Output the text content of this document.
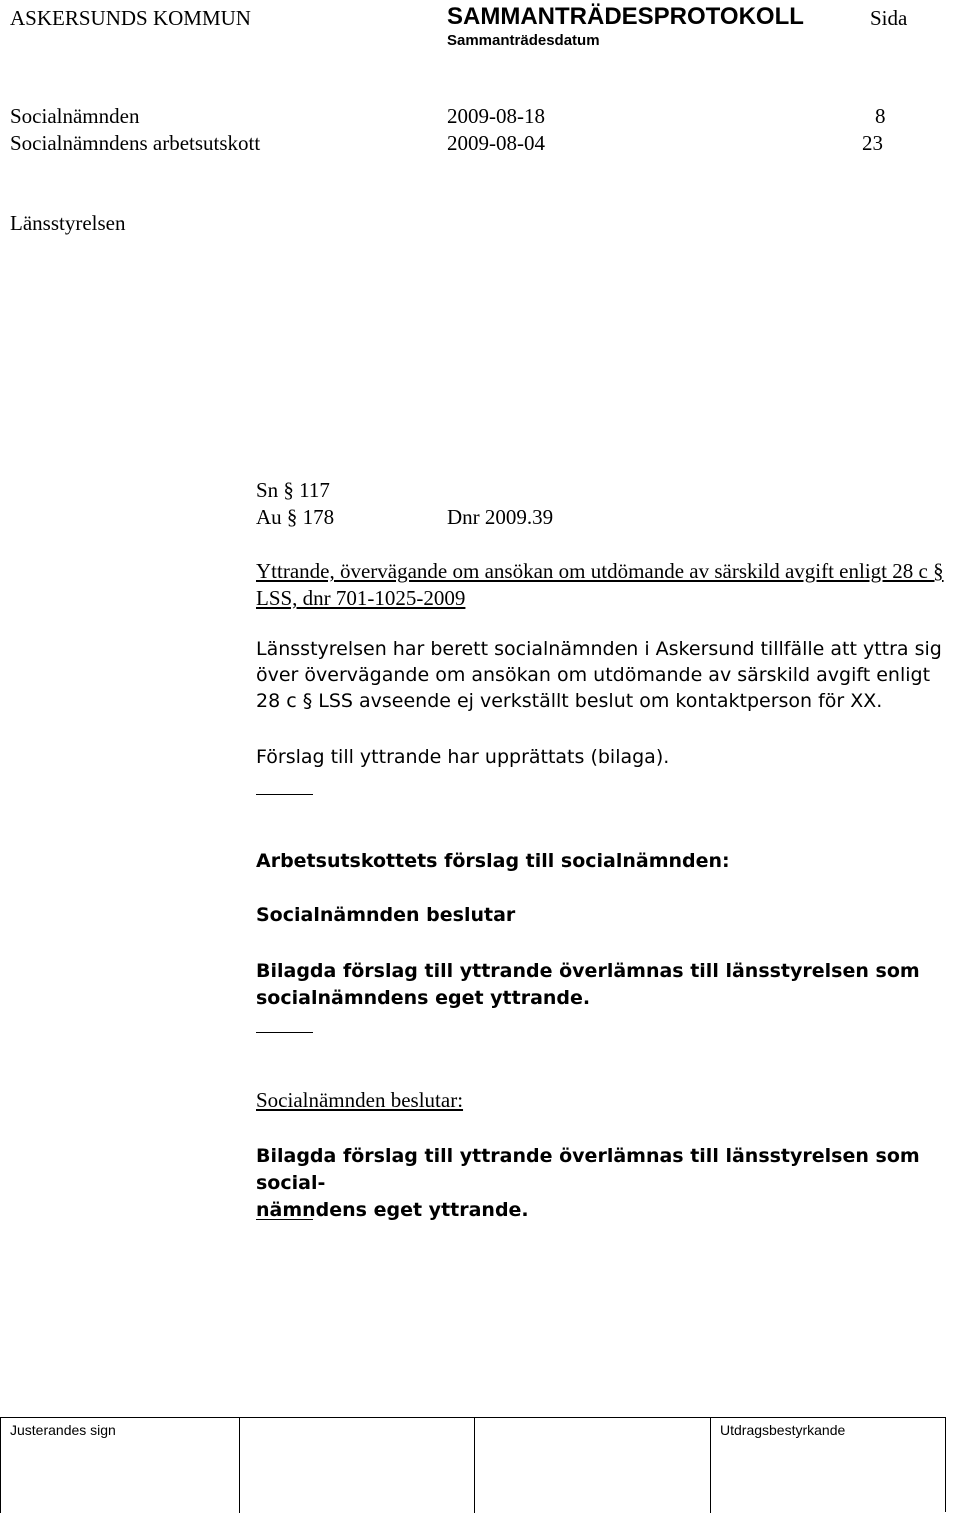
ASKERSUNDS KOMMUN	SAMMANTRÄDESPROTOKOLL	Sida
Sammanträdesdatum
Socialnämnden	2009-08-18	8
Socialnämndens arbetsutskott	2009-08-04	23
Länsstyrelsen
Sn § 117
Au § 178	Dnr 2009.39
Yttrande, övervägande om ansökan om utdömande av särskild avgift enligt 28 c § LSS, dnr 701-1025-2009
Länsstyrelsen har berett socialnämnden i Askersund tillfälle att yttra sig över övervägande om ansökan om utdömande av särskild avgift enligt 28 c § LSS avseende ej verkställt beslut om kontaktperson för XX.
Förslag till yttrande har upprättats (bilaga).
Arbetsutskottets förslag till socialnämnden:
Socialnämnden beslutar
Bilagda förslag till yttrande överlämnas till länsstyrelsen som socialnämndens eget yttrande.
Socialnämnden beslutar:
Bilagda förslag till yttrande överlämnas till länsstyrelsen som social-
nämndens eget yttrande.
Justerandes sign	Utdragsbestyrkande
